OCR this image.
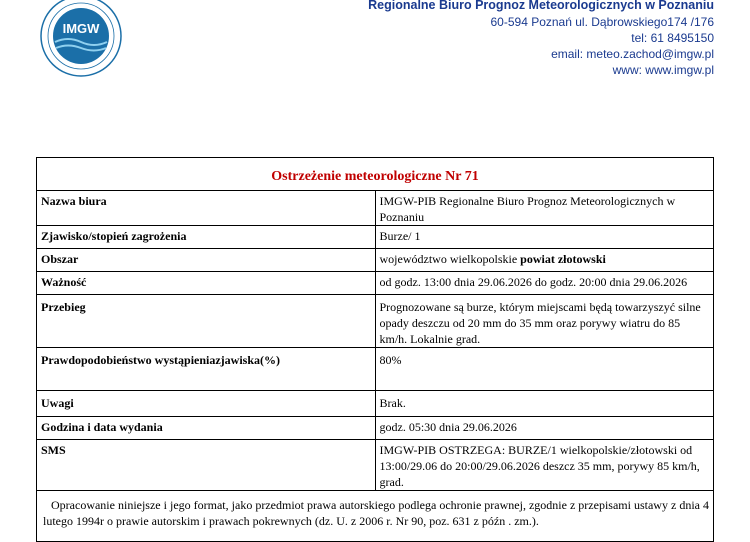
IMGW
Regionalne Biuro Prognoz Meteorologicznych w Poznaniu
60-594 Poznań ul. Dąbrowskiego174 /176
tel: 61 8495150
email: meteo.zachod@imgw.pl
www: www.imgw.pl
Ostrzeżenie meteorologiczne Nr 71	
Nazwa biura	IMGW-PIB Regionalne Biuro Prognoz Meteorologicznych w Poznaniu
Zjawisko/stopień zagrożenia	Burze/ 1
Obszar	województwo wielkopolskie powiat złotowski
Ważność	od godz. 13:00 dnia 29.06.2026 do godz. 20:00 dnia 29.06.2026
Przebieg	Prognozowane są burze, którym miejscami będą towarzyszyć silne opady deszczu od 20 mm do 35 mm oraz porywy wiatru do 85 km/h. Lokalnie grad.
Prawdopodobieństwo wystąpieniazjawiska(%)	80%
Uwagi	Brak.
Godzina i data wydania	godz. 05:30 dnia 29.06.2026
SMS	IMGW-PIB OSTRZEGA: BURZE/1 wielkopolskie/złotowski od 13:00/29.06 do 20:00/29.06.2026 deszcz 35 mm, porywy 85 km/h, grad.
Opracowanie niniejsze i jego format, jako przedmiot prawa autorskiego podlega ochronie prawnej, zgodnie z przepisami ustawy z dnia 4 lutego 1994r o prawie autorskim i prawach pokrewnych (dz. U. z 2006 r. Nr 90, poz. 631 z późn . zm.).	
